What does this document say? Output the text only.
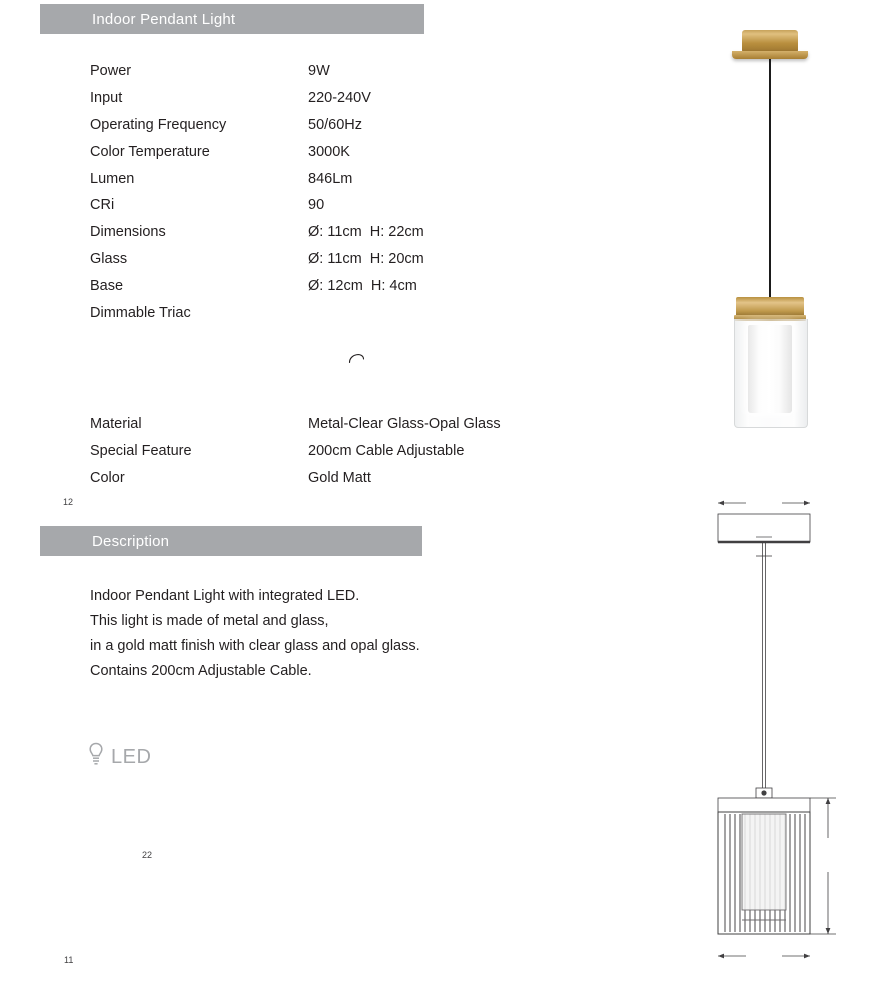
Indoor Pendant Light
Power	9W
Input	220-240V
Operating Frequency	50/60Hz
Color Temperature	3000K
Lumen	846Lm
CRi	90
Dimensions	Ø: 11cm  H: 22cm
Glass	Ø: 11cm  H: 20cm
Base	Ø: 12cm  H: 4cm
Dimmable Triac	

Material	Metal-Clear Glass-Opal Glass
Special Feature	200cm Cable Adjustable
Color	Gold Matt
Description
Indoor Pendant Light with integrated LED.
This light is made of metal and glass,
in a gold matt finish with clear glass and opal glass.
Contains 200cm Adjustable Cable.
LED
12
22
11
